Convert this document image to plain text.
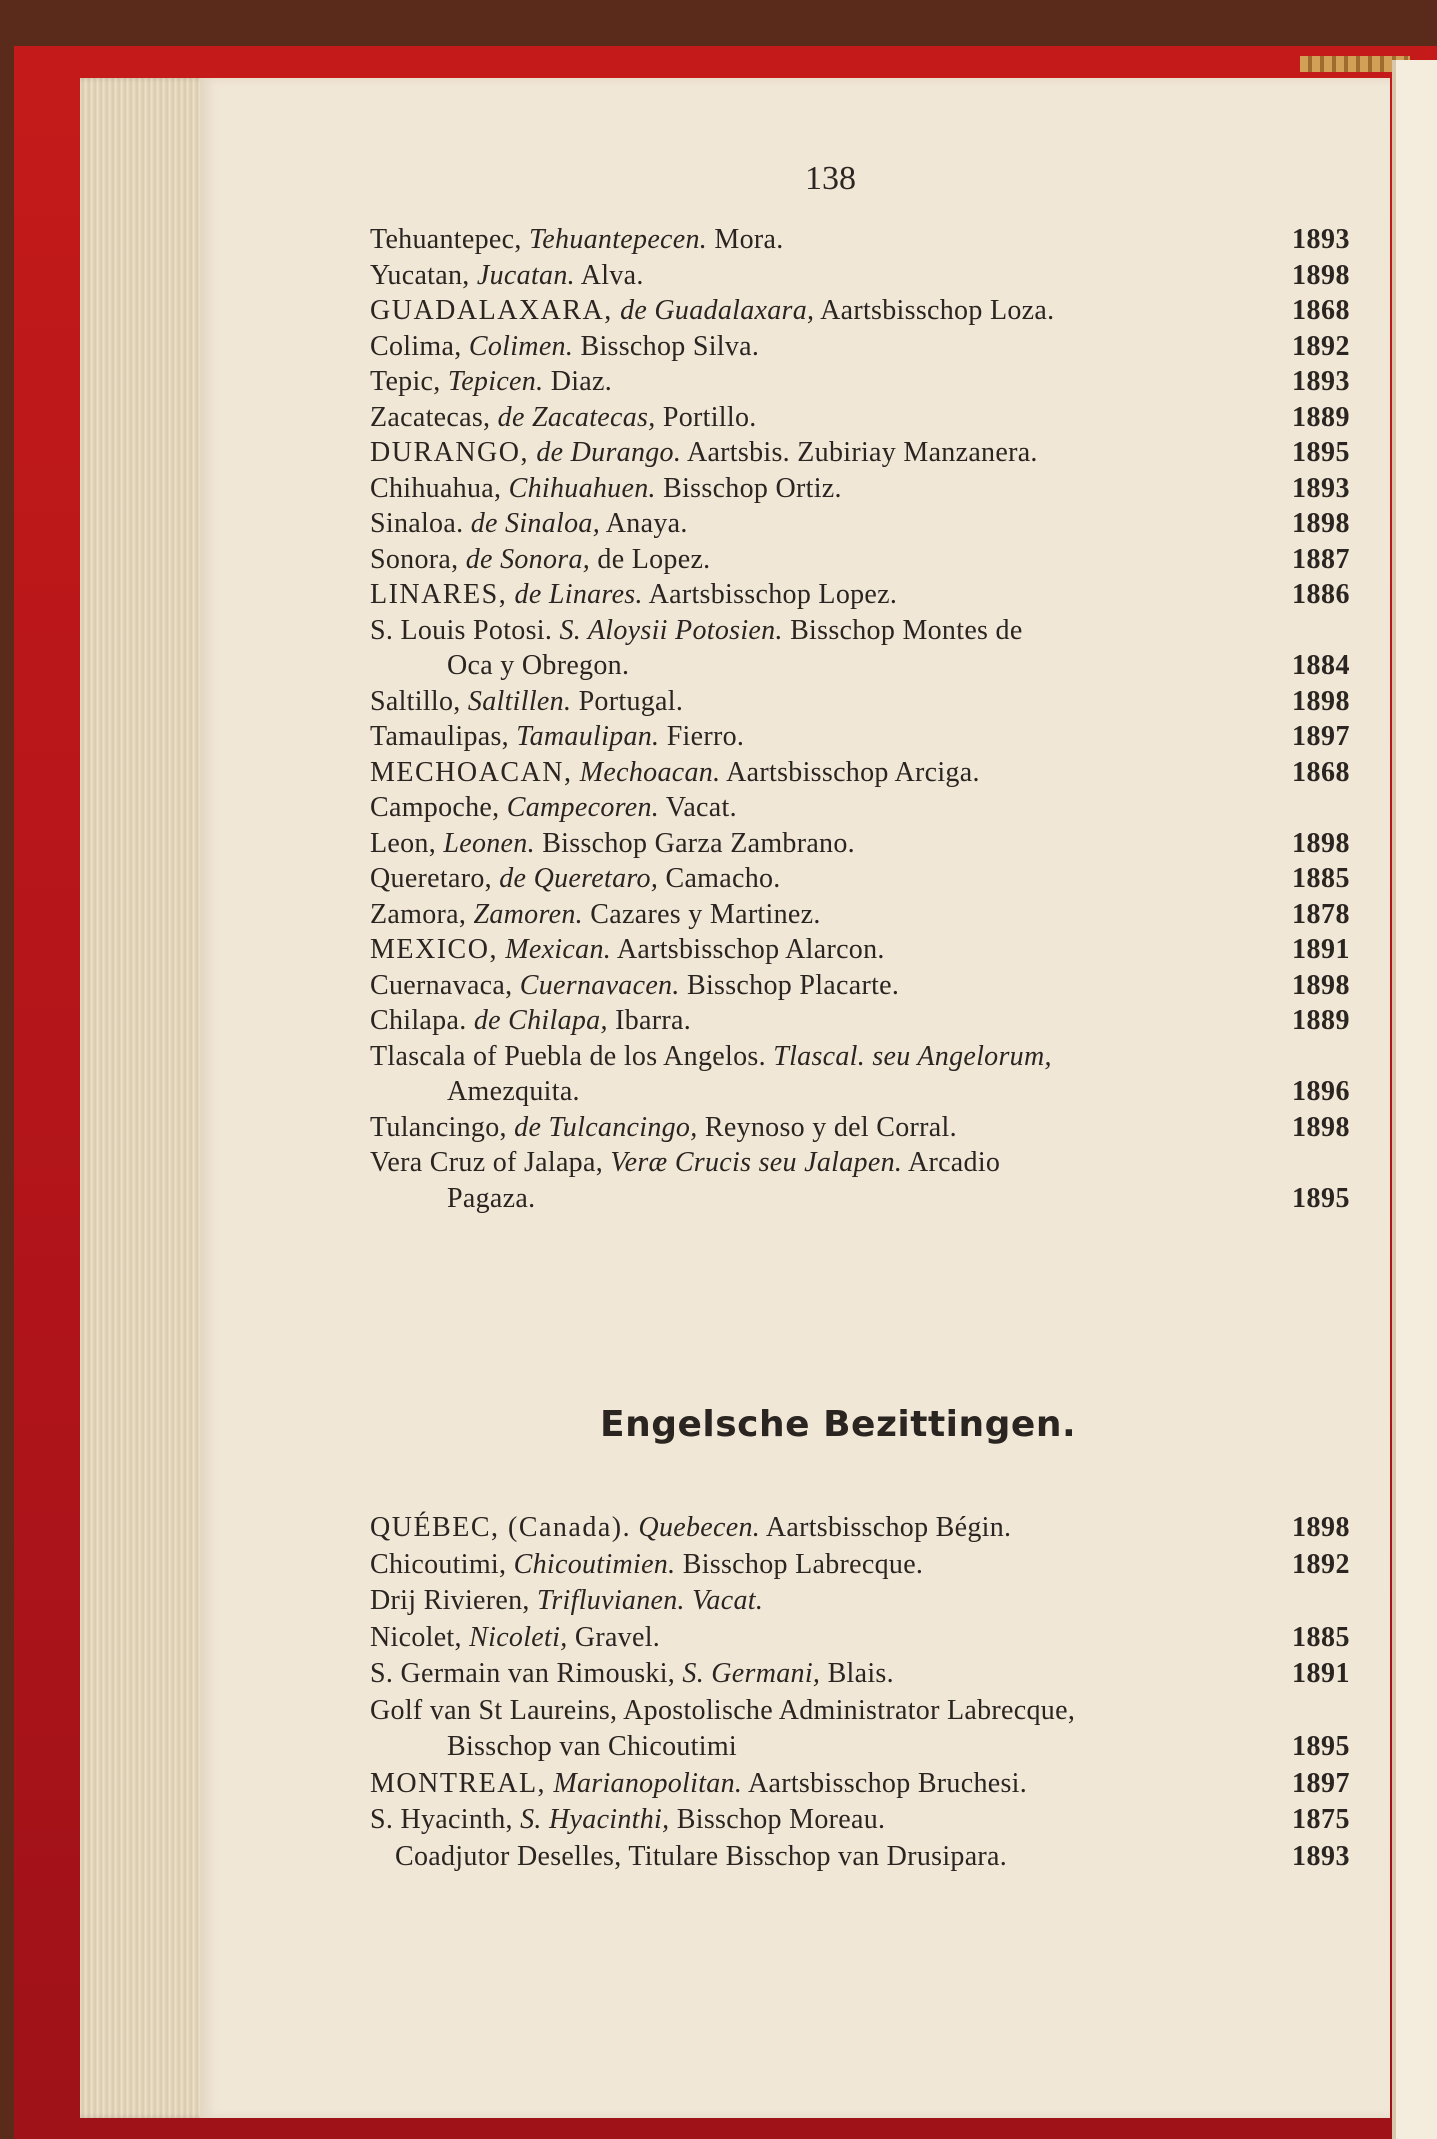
138
Tehuantepec, Tehuantepecen. Mora.	1893
Yucatan, Jucatan. Alva.	1898
GUADALAXARA, de Guadalaxara, Aartsbisschop Loza.	1868
Colima, Colimen. Bisschop Silva.	1892
Tepic, Tepicen. Diaz.	1893
Zacatecas, de Zacatecas, Portillo.	1889
DURANGO, de Durango. Aartsbis. Zubiriay Manzanera.	1895
Chihuahua, Chihuahuen. Bisschop Ortiz.	1893
Sinaloa. de Sinaloa, Anaya.	1898
Sonora, de Sonora, de Lopez.	1887
LINARES, de Linares. Aartsbisschop Lopez.	1886
S. Louis Potosi. S. Aloysii Potosien. Bisschop Montes de
Oca y Obregon.	1884
Saltillo, Saltillen. Portugal.	1898
Tamaulipas, Tamaulipan. Fierro.	1897
MECHOACAN, Mechoacan. Aartsbisschop Arciga.	1868
Campoche, Campecoren. Vacat.
Leon, Leonen. Bisschop Garza Zambrano.	1898
Queretaro, de Queretaro, Camacho.	1885
Zamora, Zamoren. Cazares y Martinez.	1878
MEXICO, Mexican. Aartsbisschop Alarcon.	1891
Cuernavaca, Cuernavacen. Bisschop Placarte.	1898
Chilapa. de Chilapa, Ibarra.	1889
Tlascala of Puebla de los Angelos. Tlascal. seu Angelorum,
Amezquita.	1896
Tulancingo, de Tulcancingo, Reynoso y del Corral.	1898
Vera Cruz of Jalapa, Veræ Crucis seu Jalapen. Arcadio
Pagaza.	1895
Engelsche Bezittingen.
QUÉBEC, (Canada). Quebecen. Aartsbisschop Bégin.	1898
Chicoutimi, Chicoutimien. Bisschop Labrecque.	1892
Drij Rivieren, Trifluvianen. Vacat.
Nicolet, Nicoleti, Gravel.	1885
S. Germain van Rimouski, S. Germani, Blais.	1891
Golf van St Laureins, Apostolische Administrator Labrecque,
Bisschop van Chicoutimi	1895
MONTREAL, Marianopolitan. Aartsbisschop Bruchesi.	1897
S. Hyacinth, S. Hyacinthi, Bisschop Moreau.	1875
Coadjutor Deselles, Titulare Bisschop van Drusipara.	1893
